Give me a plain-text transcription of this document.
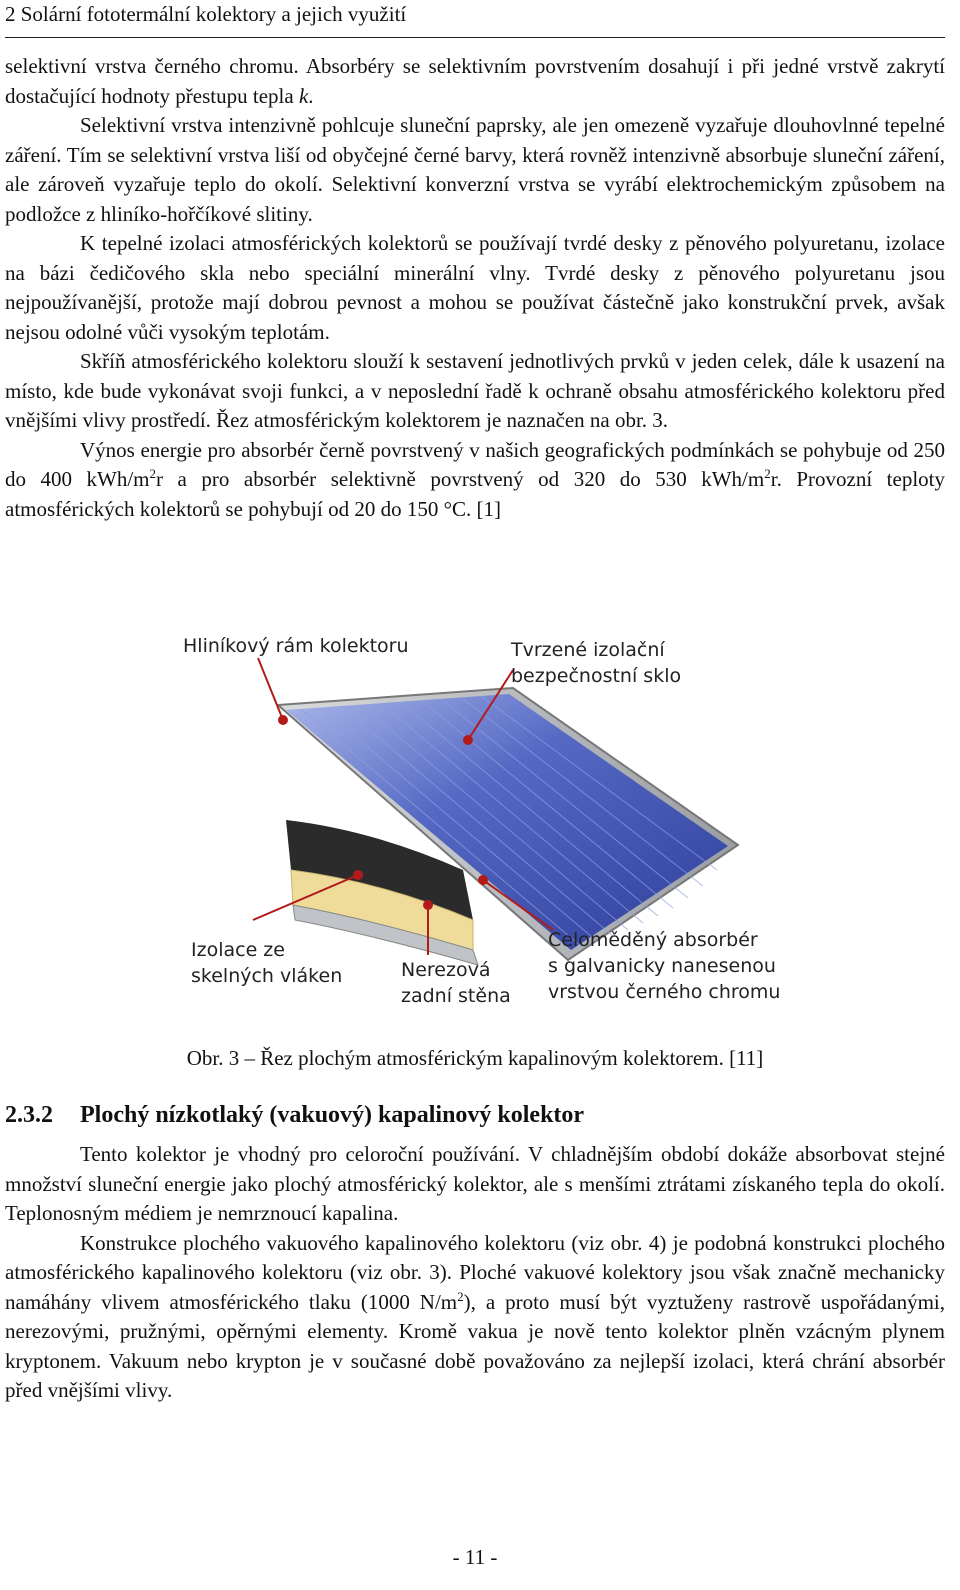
2 Solární fototermální kolektory a jejich využití

selektivní vrstva černého chromu. Absorbéry se selektivním povrstvením dosahují i při jedné vrstvě zakrytí dostačující hodnoty přestupu tepla k.

Selektivní vrstva intenzivně pohlcuje sluneční paprsky, ale jen omezeně vyzařuje dlouhovlnné tepelné záření. Tím se selektivní vrstva liší od obyčejné černé barvy, která rovněž intenzivně absorbuje sluneční záření, ale zároveň vyzařuje teplo do okolí. Selektivní konverzní vrstva se vyrábí elektrochemickým způsobem na podložce z hliníko-hořčíkové slitiny.

K tepelné izolaci atmosférických kolektorů se používají tvrdé desky z pěnového polyuretanu, izolace na bázi čedičového skla nebo speciální minerální vlny. Tvrdé desky z pěnového polyuretanu jsou nejpoužívanější, protože mají dobrou pevnost a mohou se používat částečně jako konstrukční prvek, avšak nejsou odolné vůči vysokým teplotám.

Skříň atmosférického kolektoru slouží k sestavení jednotlivých prvků v jeden celek, dále k usazení na místo, kde bude vykonávat svoji funkci, a v neposlední řadě k ochraně obsahu atmosférického kolektoru před vnějšími vlivy prostředí. Řez atmosférickým kolektorem je naznačen na obr. 3.

Výnos energie pro absorbér černě povrstvený v našich geografických podmínkách se pohybuje od 250 do 400 kWh/$m^2r$ a pro absorbér selektivně povrstvený od 320 do 530 kWh/$m^2r$. Provozní teploty atmosférických kolektorů se pohybují od 20 do 150 °C. [1]

Hliníkový rám kolektoru	Tvrzené izolační
bezpečnostní sklo
Izolace ze
skelných vláken	Nerezová
zadní stěna
Celoměděný absorbér
s galvanicky nanesenou
vrstvou černého chromu
Obr. 3 – Řez plochým atmosférickým kapalinovým kolektorem. [11]
2.3.2 Plochý nízkotlaký (vakuový) kapalinový kolektor

Tento kolektor je vhodný pro celoroční používání. V chladnějším období dokáže absorbovat stejné množství sluneční energie jako plochý atmosférický kolektor, ale s menšími ztrátami získaného tepla do okolí. Teplonosným médiem je nemrznoucí kapalina.

Konstrukce plochého vakuového kapalinového kolektoru (viz obr. 4) je podobná konstrukci plochého atmosférického kapalinového kolektoru (viz obr. 3). Ploché vakuové kolektory jsou však značně mechanicky namáhány vlivem atmosférického tlaku (1000 $N/m^2$), a proto musí být vyztuženy rastrově uspořádanými, nerezovými, pružnými, opěrnými elementy. Kromě vakua je nově tento kolektor plněn vzácným plynem kryptonem. Vakuum nebo krypton je v současné době považováno za nejlepší izolaci, která chrání absorbér před vnějšími vlivy.

- 11 -
